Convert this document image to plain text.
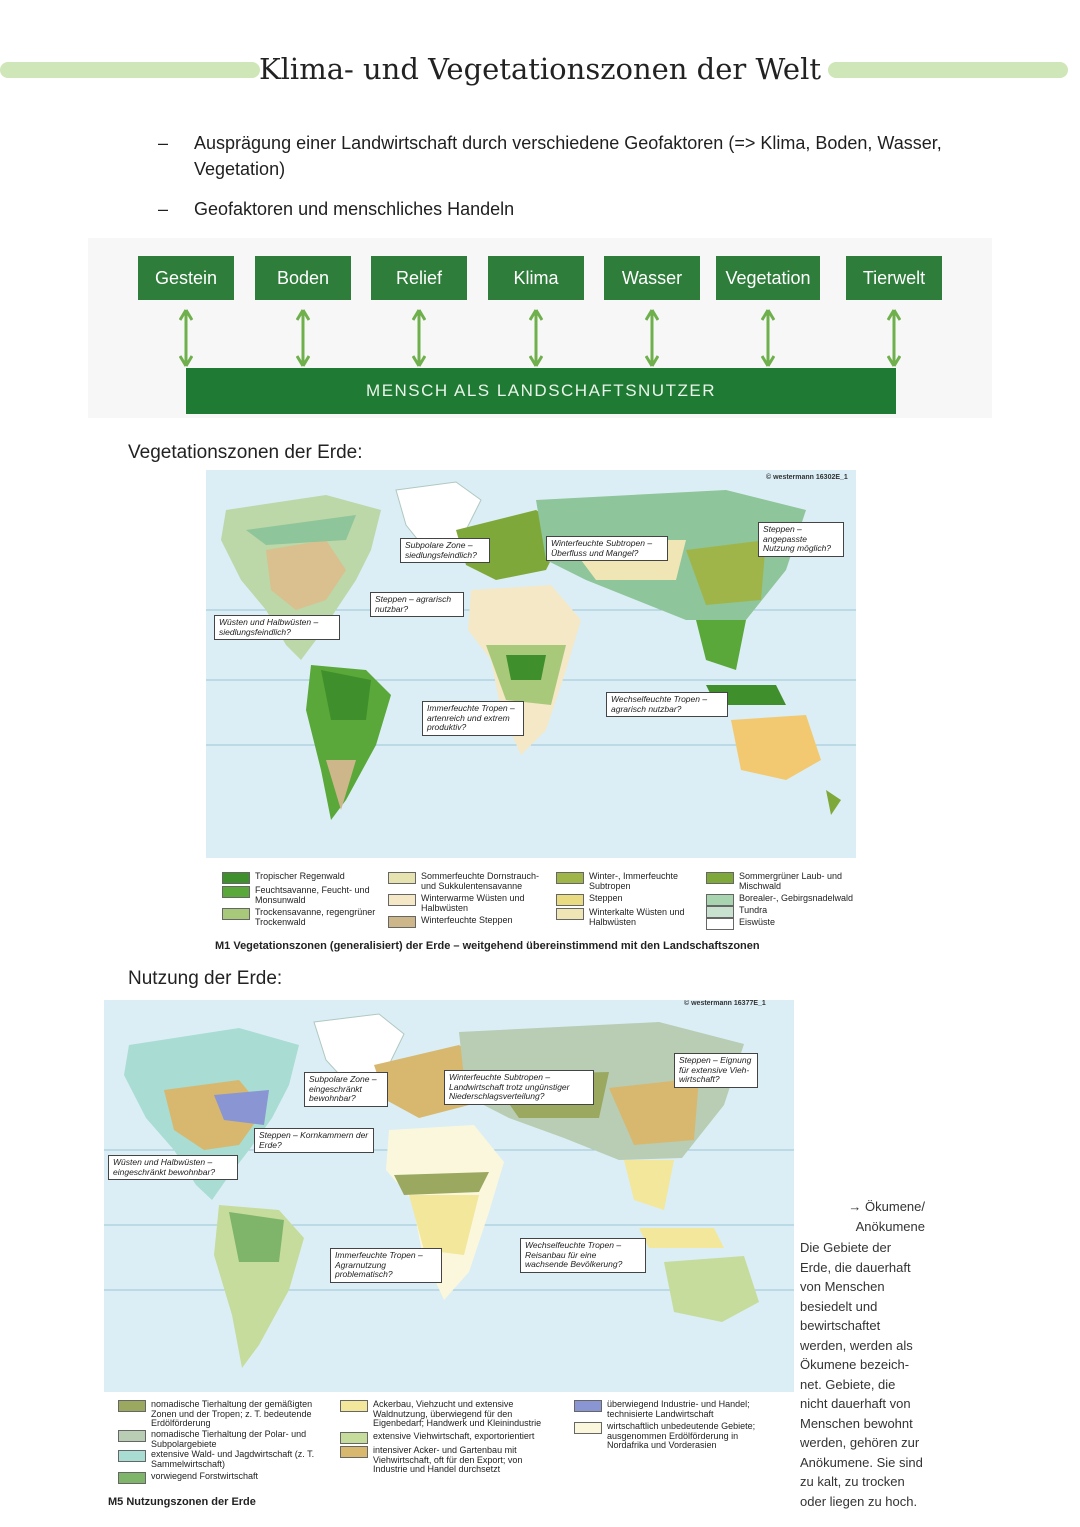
Klima- und Vegetationszonen der Welt
– Ausprägung einer Landwirtschaft durch verschiedene Geofaktoren (=> Klima, Boden, Wasser, Vegetation)
– Geofaktoren und menschliches Handeln
Gestein	Boden	Relief	Klima	Wasser	Vegetation	Tierwelt
MENSCH ALS LANDSCHAFTSNUTZER
Vegetationszonen der Erde:
© westermann 16302E_1
Subpolare Zone – siedlungsfeindlich?
Winterfeuchte Subtropen – Überfluss und Mangel?
Steppen – angepasste Nutzung möglich?
Steppen – agrarisch nutzbar?
Wüsten und Halbwüsten – siedlungsfeindlich?
Immerfeuchte Tropen – artenreich und extrem produktiv?
Wechselfeuchte Tropen – agrarisch nutzbar?
Tropischer Regenwald
Feuchtsavanne, Feucht- und Monsunwald
Trockensavanne, regengrüner Trockenwald
Sommerfeuchte Dornstrauch- und Sukkulentensavanne
Winterwarme Wüsten und Halbwüsten
Winterfeuchte Steppen
Winter-, Immerfeuchte Subtropen
Steppen
Winterkalte Wüsten und Halbwüsten
Sommergrüner Laub- und Mischwald
Borealer-, Gebirgsnadelwald
Tundra
Eiswüste
M1 Vegetationszonen (generalisiert) der Erde – weitgehend übereinstimmend mit den Landschaftszonen
Nutzung der Erde:
© westermann 16377E_1
Subpolare Zone – eingeschränkt bewohnbar?
Winterfeuchte Subtropen – Landwirtschaft trotz ungünstiger Niederschlagsverteilung?
Steppen – Eignung für extensive Vieh-wirtschaft?
Steppen – Kornkammern der Erde?
Wüsten und Halbwüsten – eingeschränkt bewohnbar?
Immerfeuchte Tropen – Agrarnutzung problematisch?
Wechselfeuchte Tropen – Reisanbau für eine wachsende Bevölkerung?
nomadische Tierhaltung der gemäßigten Zonen und der Tropen; z. T. bedeutende Erdölförderung
nomadische Tierhaltung der Polar- und Subpolargebiete
extensive Wald- und Jagdwirtschaft (z. T. Sammelwirtschaft)
vorwiegend Forstwirtschaft
Ackerbau, Viehzucht und extensive Waldnutzung, überwiegend für den Eigenbedarf; Handwerk und Kleinindustrie
extensive Viehwirtschaft, exportorientiert
intensiver Acker- und Gartenbau mit Viehwirtschaft, oft für den Export; von Industrie und Handel durchsetzt
überwiegend Industrie- und Handel; technisierte Landwirtschaft
wirtschaftlich unbedeutende Gebiete; ausgenommen Erdölförderung in Nordafrika und Vorderasien
M5 Nutzungszonen der Erde
→ Ökumene/ Anökumene
Die Gebiete der Erde, die dauerhaft von Menschen besiedelt und bewirtschaftet werden, werden als Ökumene bezeich-net. Gebiete, die nicht dauerhaft von Menschen bewohnt werden, gehören zur Anökumene. Sie sind zu kalt, zu trocken oder liegen zu hoch.
